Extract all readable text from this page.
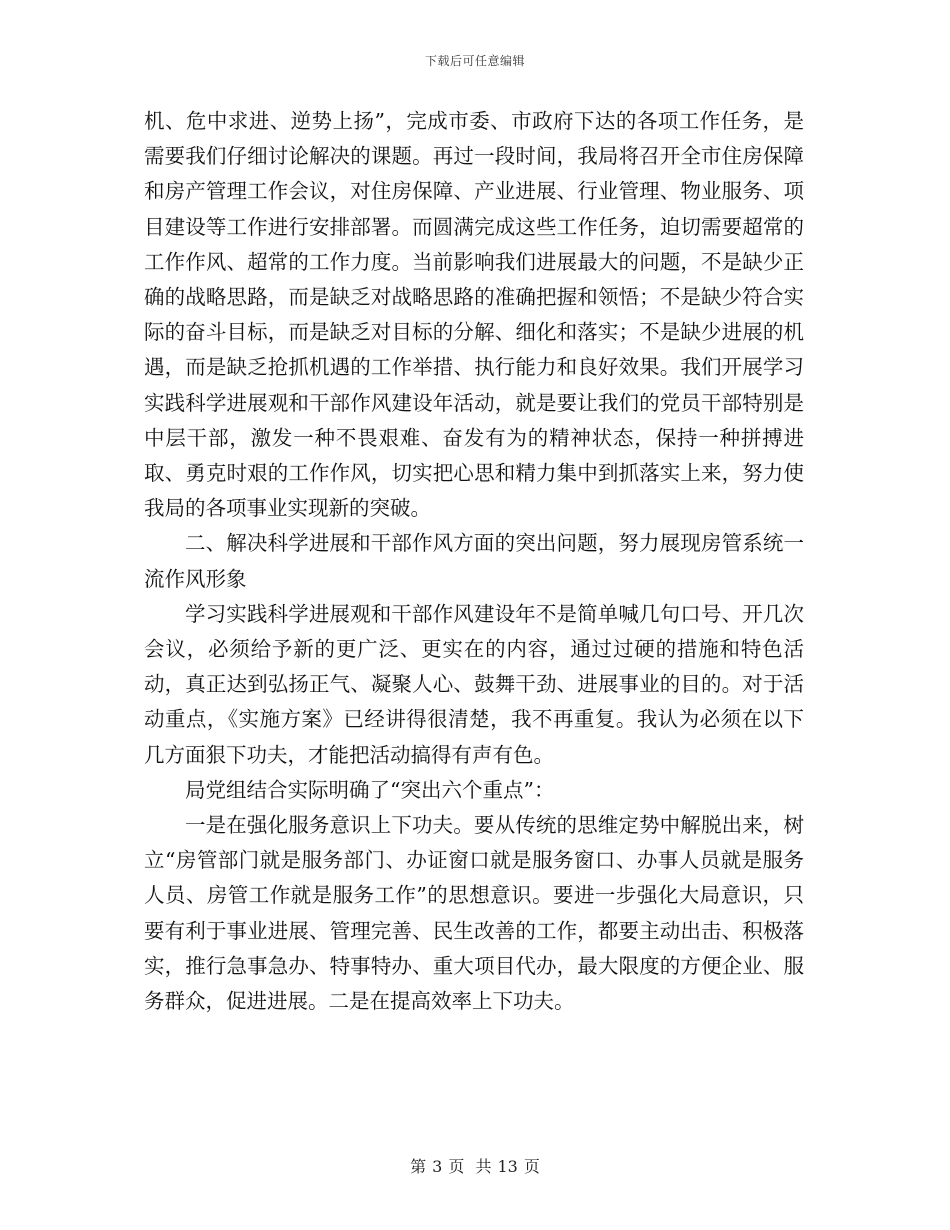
下载后可任意编辑

机、危中求进、逆势上扬”，完成市委、市政府下达的各项工作任务，是需要我们仔细讨论解决的课题。再过一段时间，我局将召开全市住房保障和房产管理工作会议，对住房保障、产业进展、行业管理、物业服务、项目建设等工作进行安排部署。而圆满完成这些工作任务，迫切需要超常的工作作风、超常的工作力度。当前影响我们进展最大的问题，不是缺少正确的战略思路，而是缺乏对战略思路的准确把握和领悟；不是缺少符合实际的奋斗目标，而是缺乏对目标的分解、细化和落实；不是缺少进展的机遇，而是缺乏抢抓机遇的工作举措、执行能力和良好效果。我们开展学习实践科学进展观和干部作风建设年活动，就是要让我们的党员干部特别是中层干部，激发一种不畏艰难、奋发有为的精神状态，保持一种拼搏进取、勇克时艰的工作作风，切实把心思和精力集中到抓落实上来，努力使我局的各项事业实现新的突破。

二、解决科学进展和干部作风方面的突出问题，努力展现房管系统一流作风形象

学习实践科学进展观和干部作风建设年不是简单喊几句口号、开几次会议，必须给予新的更广泛、更实在的内容，通过过硬的措施和特色活动，真正达到弘扬正气、凝聚人心、鼓舞干劲、进展事业的目的。对于活动重点，《实施方案》已经讲得很清楚，我不再重复。我认为必须在以下几方面狠下功夫，才能把活动搞得有声有色。

局党组结合实际明确了“突出六个重点”：

一是在强化服务意识上下功夫。要从传统的思维定势中解脱出来，树立“房管部门就是服务部门、办证窗口就是服务窗口、办事人员就是服务人员、房管工作就是服务工作”的思想意识。要进一步强化大局意识，只要有利于事业进展、管理完善、民生改善的工作，都要主动出击、积极落实，推行急事急办、特事特办、重大项目代办，最大限度的方便企业、服务群众，促进进展。二是在提高效率上下功夫。

第 3 页 共 13 页
